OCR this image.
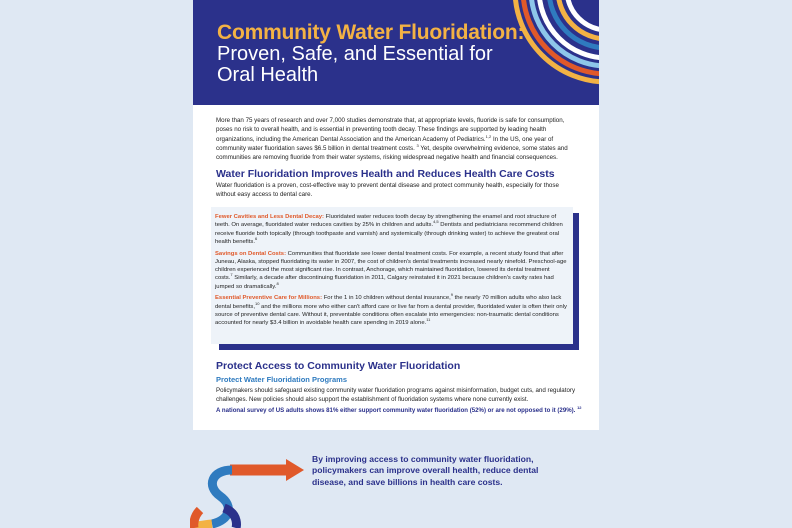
Community Water Fluoridation:
Proven, Safe, and Essential for Oral Health
More than 75 years of research and over 7,000 studies demonstrate that, at appropriate levels, fluoride is safe for consumption, poses no risk to overall health, and is essential in preventing tooth decay. These findings are supported by leading health organizations, including the American Dental Association and the American Academy of Pediatrics.$^{1,2}$ In the US, one year of community water fluoridation saves $6.5 billion in dental treatment costs. $^3$ Yet, despite overwhelming evidence, some states and communities are removing fluoride from their water systems, risking widespread negative health and financial consequences.
Water Fluoridation Improves Health and Reduces Health Care Costs
Water fluoridation is a proven, cost-effective way to prevent dental disease and protect community health, especially for those without easy access to dental care.

Fewer Cavities and Less Dental Decay: Fluoridated water reduces tooth decay by strengthening the enamel and root structure of teeth. On average, fluoridated water reduces cavities by 25% in children and adults.$^{4,5}$ Dentists and pediatricians recommend children receive fluoride both topically (through toothpaste and varnish) and systemically (through drinking water) to achieve the greatest oral health benefits.$^6$

Savings on Dental Costs: Communities that fluoridate see lower dental treatment costs. For example, a recent study found that after Juneau, Alaska, stopped fluoridating its water in 2007, the cost of children's dental treatments increased nearly ninefold. Preschool-age children experienced the most significant rise. In contrast, Anchorage, which maintained fluoridation, lowered its dental treatment costs.$^7$ Similarly, a decade after discontinuing fluoridation in 2011, Calgary reinstated it in 2021 because children's cavity rates had jumped so dramatically.$^8$

Essential Preventive Care for Millions: For the 1 in 10 children without dental insurance,$^9$ the nearly 70 million adults who also lack dental benefits,$^{10}$ and the millions more who either can't afford care or live far from a dental provider, fluoridated water is often their only source of preventive dental care. Without it, preventable conditions often escalate into emergencies: non-traumatic dental conditions accounted for nearly $3.4 billion in avoidable health care spending in 2019 alone.$^{11}$

Protect Access to Community Water Fluoridation
Protect Water Fluoridation Programs
Policymakers should safeguard existing community water fluoridation programs against misinformation, budget cuts, and regulatory challenges. New policies should also support the establishment of fluoridation systems where none currently exist.
A national survey of US adults shows 81% either support community water fluoridation (52%) or are not opposed to it (29%). $^{12}$
By improving access to community water fluoridation, policymakers can improve overall health, reduce dental disease, and save billions in health care costs.
